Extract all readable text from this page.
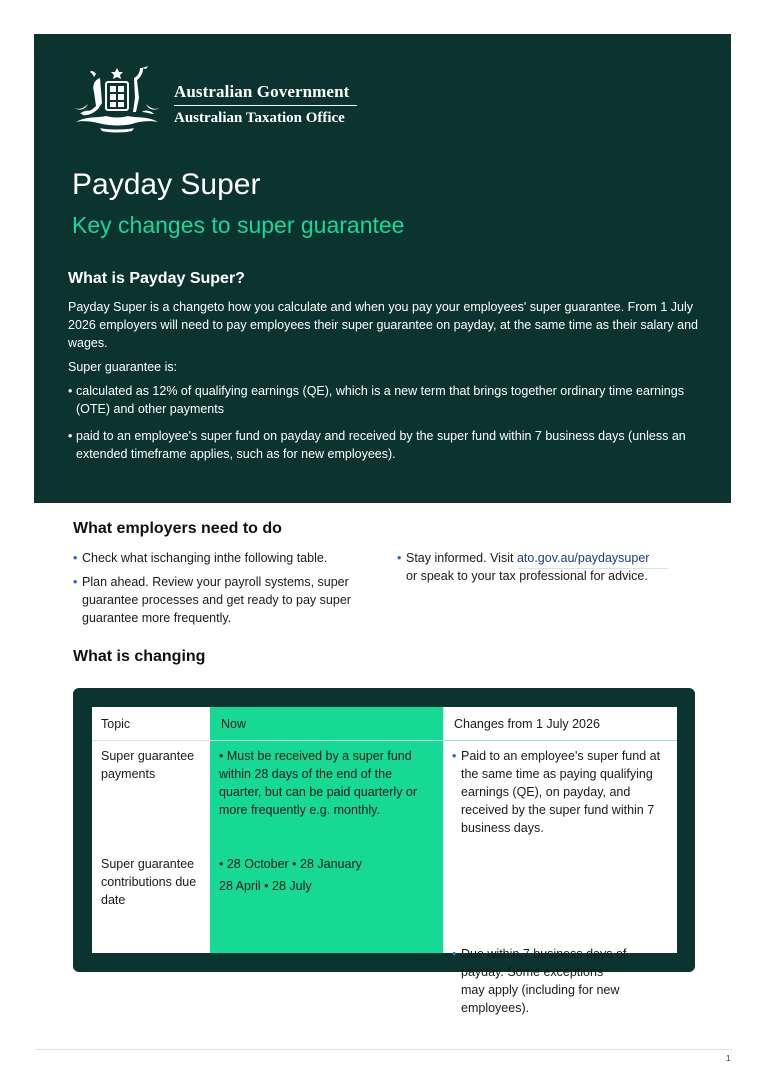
Australian Government
Australian Taxation Office
Payday Super
Key changes to super guarantee
What is Payday Super?

Payday Super is a changeto how you calculate and when you pay your employees' super guarantee. From 1 July 2026 employers will need to pay employees their super guarantee on payday, at the same time as their salary and wages.

Super guarantee is:

• calculated as 12% of qualifying earnings (QE), which is a new term that brings together ordinary time earnings (OTE) and other payments
• paid to an employee's super fund on payday and received by the super fund within 7 business days (unless an extended timeframe applies, such as for new employees).
What employers need to do
• Check what ischanging inthe following table.
• Plan ahead. Review your payroll systems, super guarantee processes and get ready to pay super guarantee more frequently.
• Stay informed. Visit ato.gov.au/paydaysuper
or speak to your tax professional for advice.
What is changing
Topic	Now	Changes from 1 July 2026
Super guarantee payments
• Must be received by a super fund within 28 days of the end of the quarter, but can be paid quarterly or more frequently e.g. monthly.
• Paid to an employee's super fund at the same time as paying qualifying earnings (QE), on payday, and received by the super fund within 7 business days.
Super guarantee contributions due date
• 28 October • 28 January
28 April • 28 July
• Due within 7 business days of payday. Some exceptions may apply (including for new employees).
1
